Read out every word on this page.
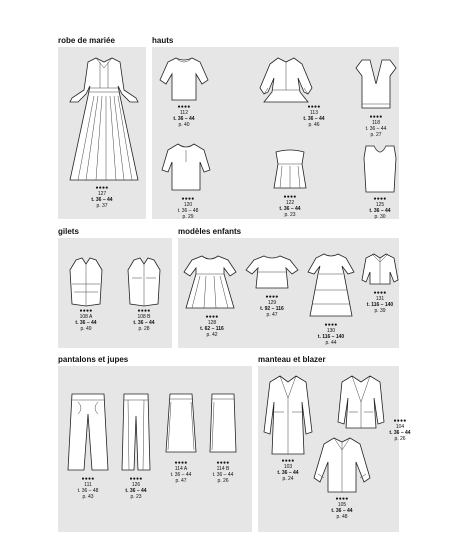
robe de mariée	hauts
gilets	modèles enfants
pantalons et jupes	manteau et blazer
●●●●
127
t. 36 – 44
p. 37
●●●●
112
t. 36 – 44
p. 40
●●●●
113
t. 36 – 44
p. 46
●●●●
118
t. 36 – 44
p. 27
●●●●
120
t. 36 – 48
p. 29
●●●●
122
t. 36 – 44
p. 23
●●●●
125
t. 36 – 44
p. 30
●●●●
108 A
t. 36 – 44
p. 49
●●●●
108 B
t. 36 – 44
p. 28
●●●●
128
t. 62 – 116
p. 42
●●●●
129
t. 92 – 116
p. 47
●●●●
130
t. 116 – 140
p. 44
●●●●
131
t. 116 – 140
p. 39
●●●●
111
t. 36 – 48
p. 43
●●●●
126
t. 36 – 44
p. 23
●●●●
114 A
t. 36 – 44
p. 47
●●●●
114 B
t. 36 – 44
p. 26
●●●●
103
t. 36 – 44
p. 24
●●●●
104
t. 36 – 44
p. 26
●●●●
105
t. 36 – 44
p. 48
